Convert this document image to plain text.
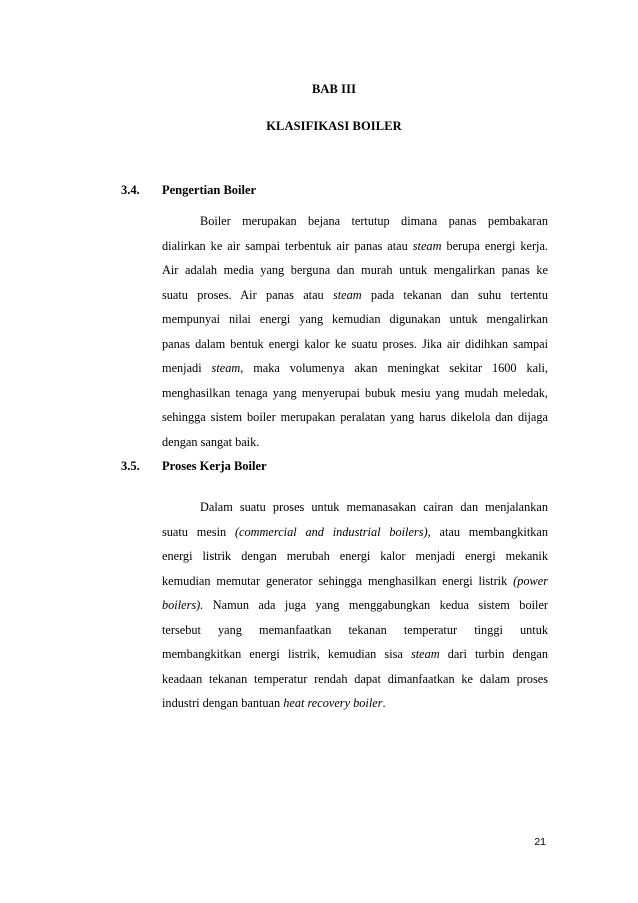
BAB III
KLASIFIKASI BOILER
3.4. Pengertian Boiler
Boiler merupakan bejana tertutup dimana panas pembakaran
dialirkan ke air sampai terbentuk air panas atau steam berupa energi kerja.
Air adalah media yang berguna dan murah untuk mengalirkan panas ke
suatu proses. Air panas atau steam pada tekanan dan suhu tertentu
mempunyai nilai energi yang kemudian digunakan untuk mengalirkan
panas dalam bentuk energi kalor ke suatu proses. Jika air didihkan sampai
menjadi steam, maka volumenya akan meningkat sekitar 1600 kali,
menghasilkan tenaga yang menyerupai bubuk mesiu yang mudah meledak,
sehingga sistem boiler merupakan peralatan yang harus dikelola dan dijaga
dengan sangat baik.
3.5. Proses Kerja Boiler
Dalam suatu proses untuk memanasakan cairan dan menjalankan
suatu mesin (commercial and industrial boilers), atau membangkitkan
energi listrik dengan merubah energi kalor menjadi energi mekanik
kemudian memutar generator sehingga menghasilkan energi listrik (power
boilers). Namun ada juga yang menggabungkan kedua sistem boiler
tersebut yang memanfaatkan tekanan temperatur tinggi untuk
membangkitkan energi listrik, kemudian sisa steam dari turbin dengan
keadaan tekanan temperatur rendah dapat dimanfaatkan ke dalam proses
industri dengan bantuan heat recovery boiler.
21
